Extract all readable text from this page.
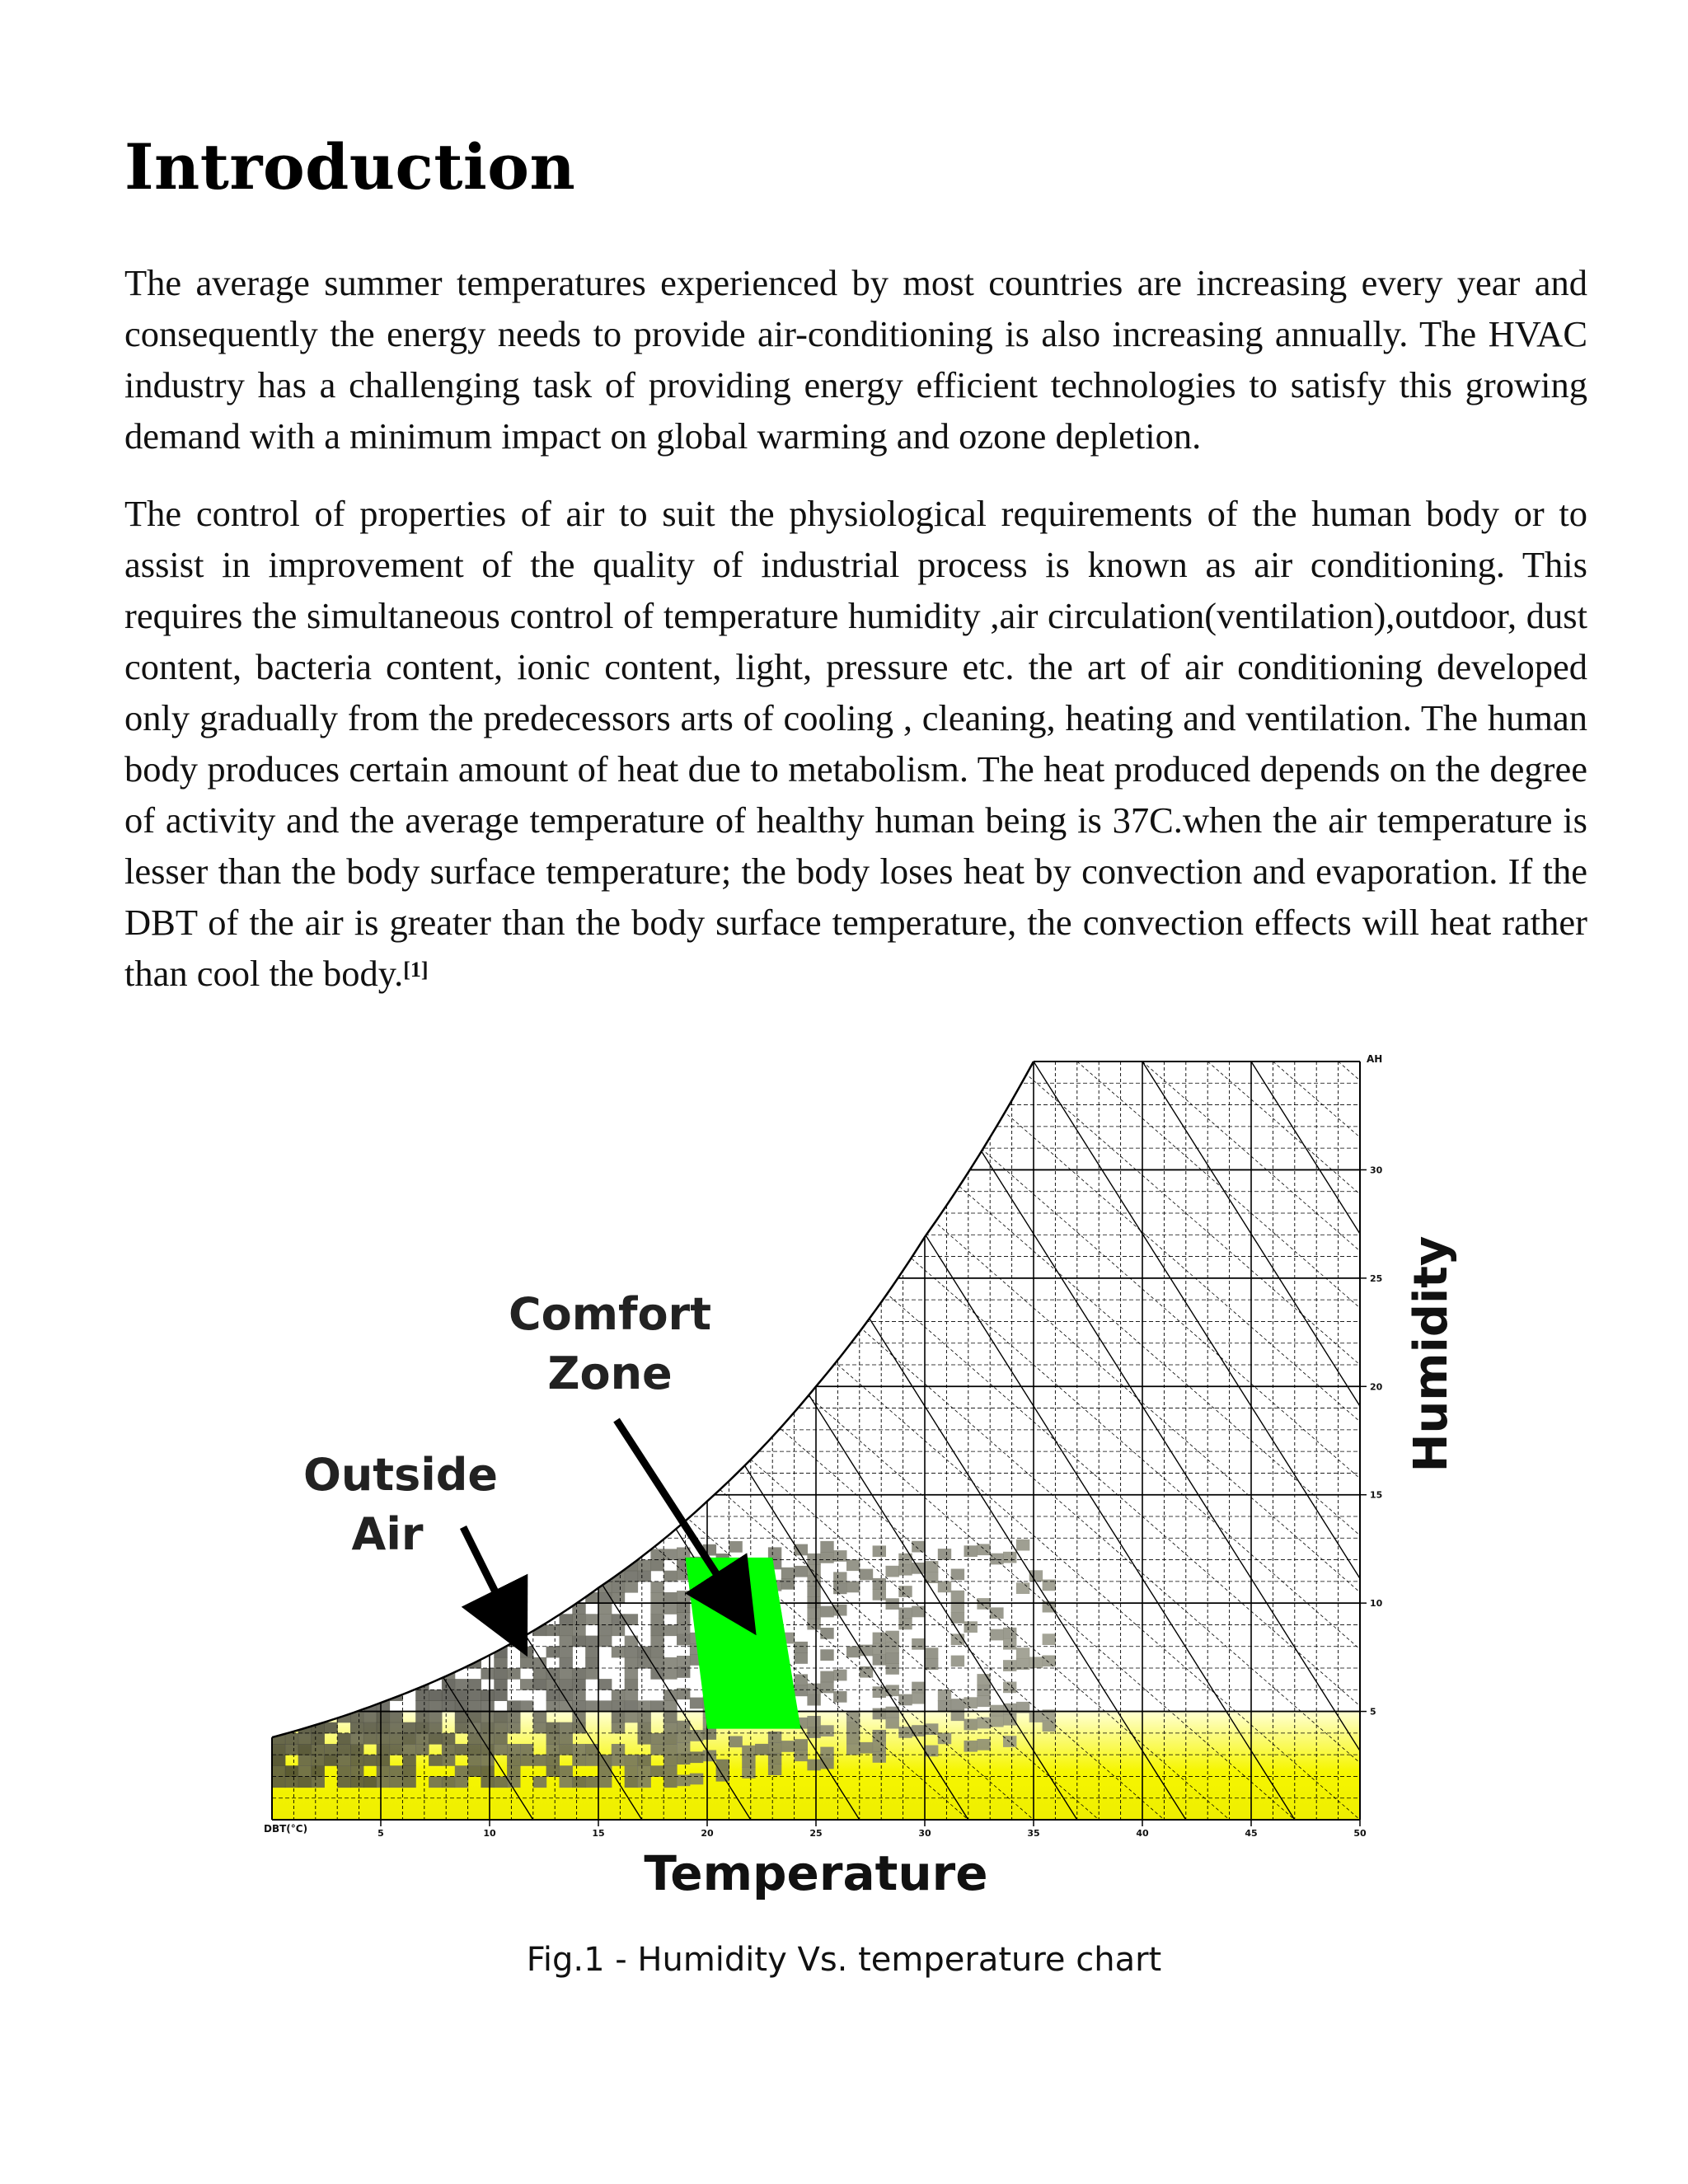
Introduction

The average summer temperatures experienced by most countries are increasing every year and consequently the energy needs to provide air-conditioning is also increasing annually. The HVAC industry has a challenging task of providing energy efficient technologies to satisfy this growing demand with a minimum impact on global warming and ozone depletion.

The control of properties of air to suit the physiological requirements of the human body or to assist in improvement of the quality of industrial process is known as air conditioning. This requires the simultaneous control of temperature humidity ,air circulation(ventilation),outdoor, dust content, bacteria content, ionic content, light, pressure etc. the art of air conditioning developed only gradually from the predecessors arts of cooling , cleaning, heating and ventilation. The human body produces certain amount of heat due to metabolism. The heat produced depends on the degree of activity and the average temperature of healthy human being is 37C.when the air temperature is lesser than the body surface temperature; the body loses heat by convection and evaporation. If the DBT of the air is greater than the body surface temperature, the convection effects will heat rather than cool the body.[1]

5	10	15	20	25	30	35	40	45	50
5
10
15
20
25
30
Comfort
Zone
Outside
Air
Temperature
Humidity
DBT(°C)
AH

Fig.1 - Humidity Vs. temperature chart
